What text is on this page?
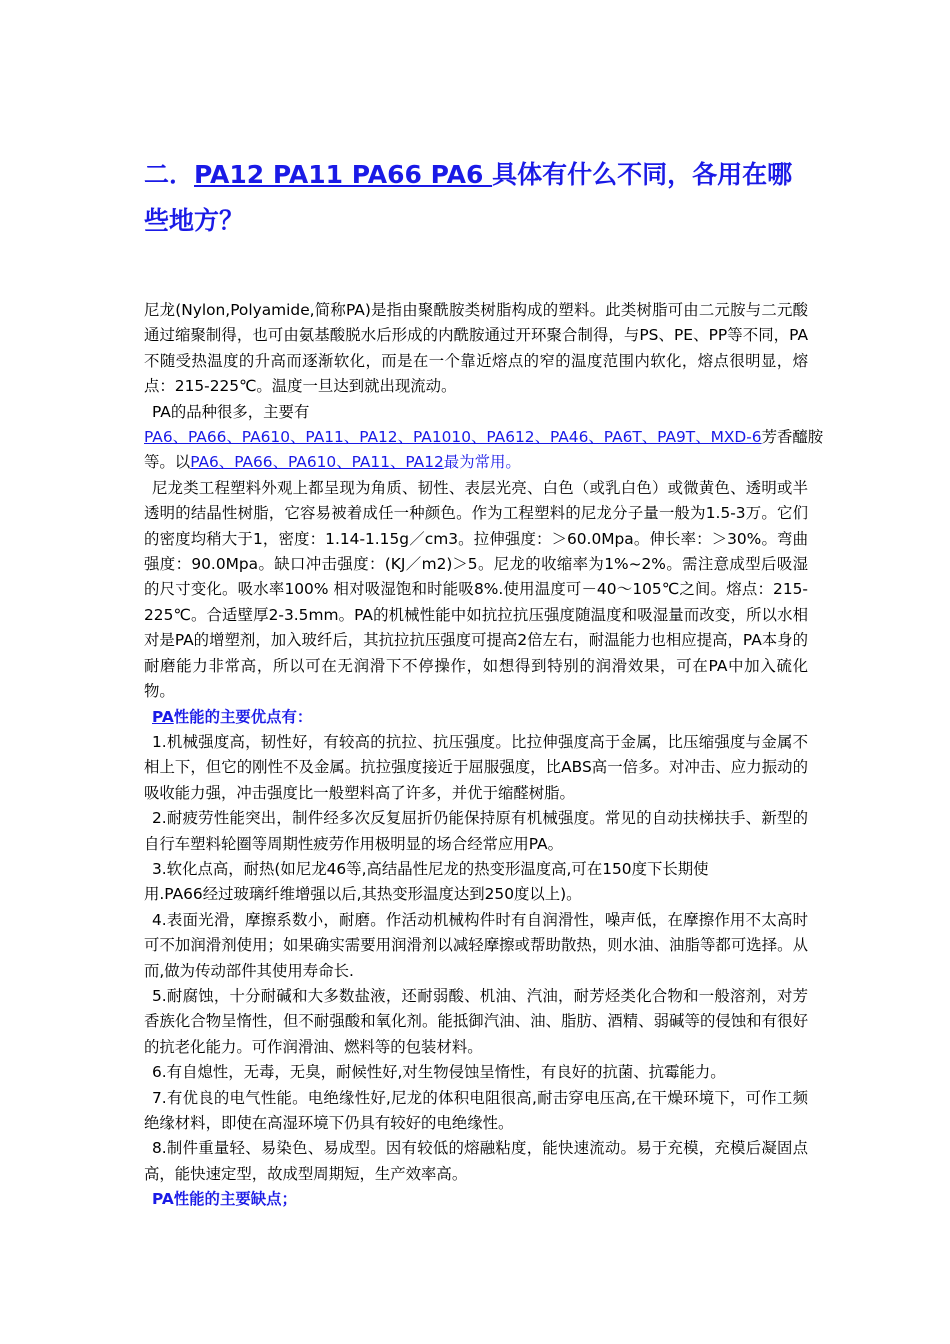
二．PA12 PA11 PA66 PA6 具体有什么不同，各用在哪些地方？

尼龙(Nylon,Polyamide,简称PA)是指由聚酰胺类树脂构成的塑料。此类树脂可由二元胺与二元酸通过缩聚制得，也可由氨基酸脱水后形成的内酰胺通过开环聚合制得，与PS、PE、PP等不同，PA不随受热温度的升高而逐渐软化，而是在一个靠近熔点的窄的温度范围内软化，熔点很明显，熔点：215-225℃。温度一旦达到就出现流动。

PA的品种很多，主要有

PA6、PA66、PA610、PA11、PA12、PA1010、PA612、PA46、PA6T、PA9T、MXD-6芳香醯胺

等。以PA6、PA66、PA610、PA11、PA12最为常用。

尼龙类工程塑料外观上都呈现为角质、韧性、表层光亮、白色（或乳白色）或微黄色、透明或半透明的结晶性树脂，它容易被着成任一种颜色。作为工程塑料的尼龙分子量一般为1.5-3万。它们的密度均稍大于1，密度：1.14-1.15g／cm3。拉伸强度：＞60.0Mpa。伸长率：＞30%。弯曲强度：90.0Mpa。缺口冲击强度：(KJ／m2)＞5。尼龙的收缩率为1%~2%。需注意成型后吸湿的尺寸变化。吸水率100% 相对吸湿饱和时能吸8%.使用温度可－40～105℃之间。熔点：215-225℃。合适壁厚2-3.5mm。PA的机械性能中如抗拉抗压强度随温度和吸湿量而改变，所以水相对是PA的增塑剂，加入玻纤后，其抗拉抗压强度可提高2倍左右，耐温能力也相应提高，PA本身的耐磨能力非常高，所以可在无润滑下不停操作，如想得到特别的润滑效果，可在PA中加入硫化物。

PA性能的主要优点有：

1.机械强度高，韧性好，有较高的抗拉、抗压强度。比拉伸强度高于金属，比压缩强度与金属不相上下，但它的刚性不及金属。抗拉强度接近于屈服强度，比ABS高一倍多。对冲击、应力振动的吸收能力强，冲击强度比一般塑料高了许多，并优于缩醛树脂。

2.耐疲劳性能突出，制件经多次反复屈折仍能保持原有机械强度。常见的自动扶梯扶手、新型的自行车塑料轮圈等周期性疲劳作用极明显的场合经常应用PA。

3.软化点高，耐热(如尼龙46等,高结晶性尼龙的热变形温度高,可在150度下长期使

用.PA66经过玻璃纤维增强以后,其热变形温度达到250度以上)。

4.表面光滑，摩擦系数小，耐磨。作活动机械构件时有自润滑性，噪声低，在摩擦作用不太高时可不加润滑剂使用；如果确实需要用润滑剂以减轻摩擦或帮助散热，则水油、油脂等都可选择。从而,做为传动部件其使用寿命长.

5.耐腐蚀，十分耐碱和大多数盐液，还耐弱酸、机油、汽油，耐芳烃类化合物和一般溶剂，对芳香族化合物呈惰性，但不耐强酸和氧化剂。能抵御汽油、油、脂肪、酒精、弱碱等的侵蚀和有很好的抗老化能力。可作润滑油、燃料等的包装材料。

6.有自熄性，无毒，无臭，耐候性好,对生物侵蚀呈惰性，有良好的抗菌、抗霉能力。

7.有优良的电气性能。电绝缘性好,尼龙的体积电阻很高,耐击穿电压高,在干燥环境下，可作工频绝缘材料，即使在高湿环境下仍具有较好的电绝缘性。

8.制件重量轻、易染色、易成型。因有较低的熔融粘度，能快速流动。易于充模，充模后凝固点高，能快速定型，故成型周期短，生产效率高。

PA性能的主要缺点；
